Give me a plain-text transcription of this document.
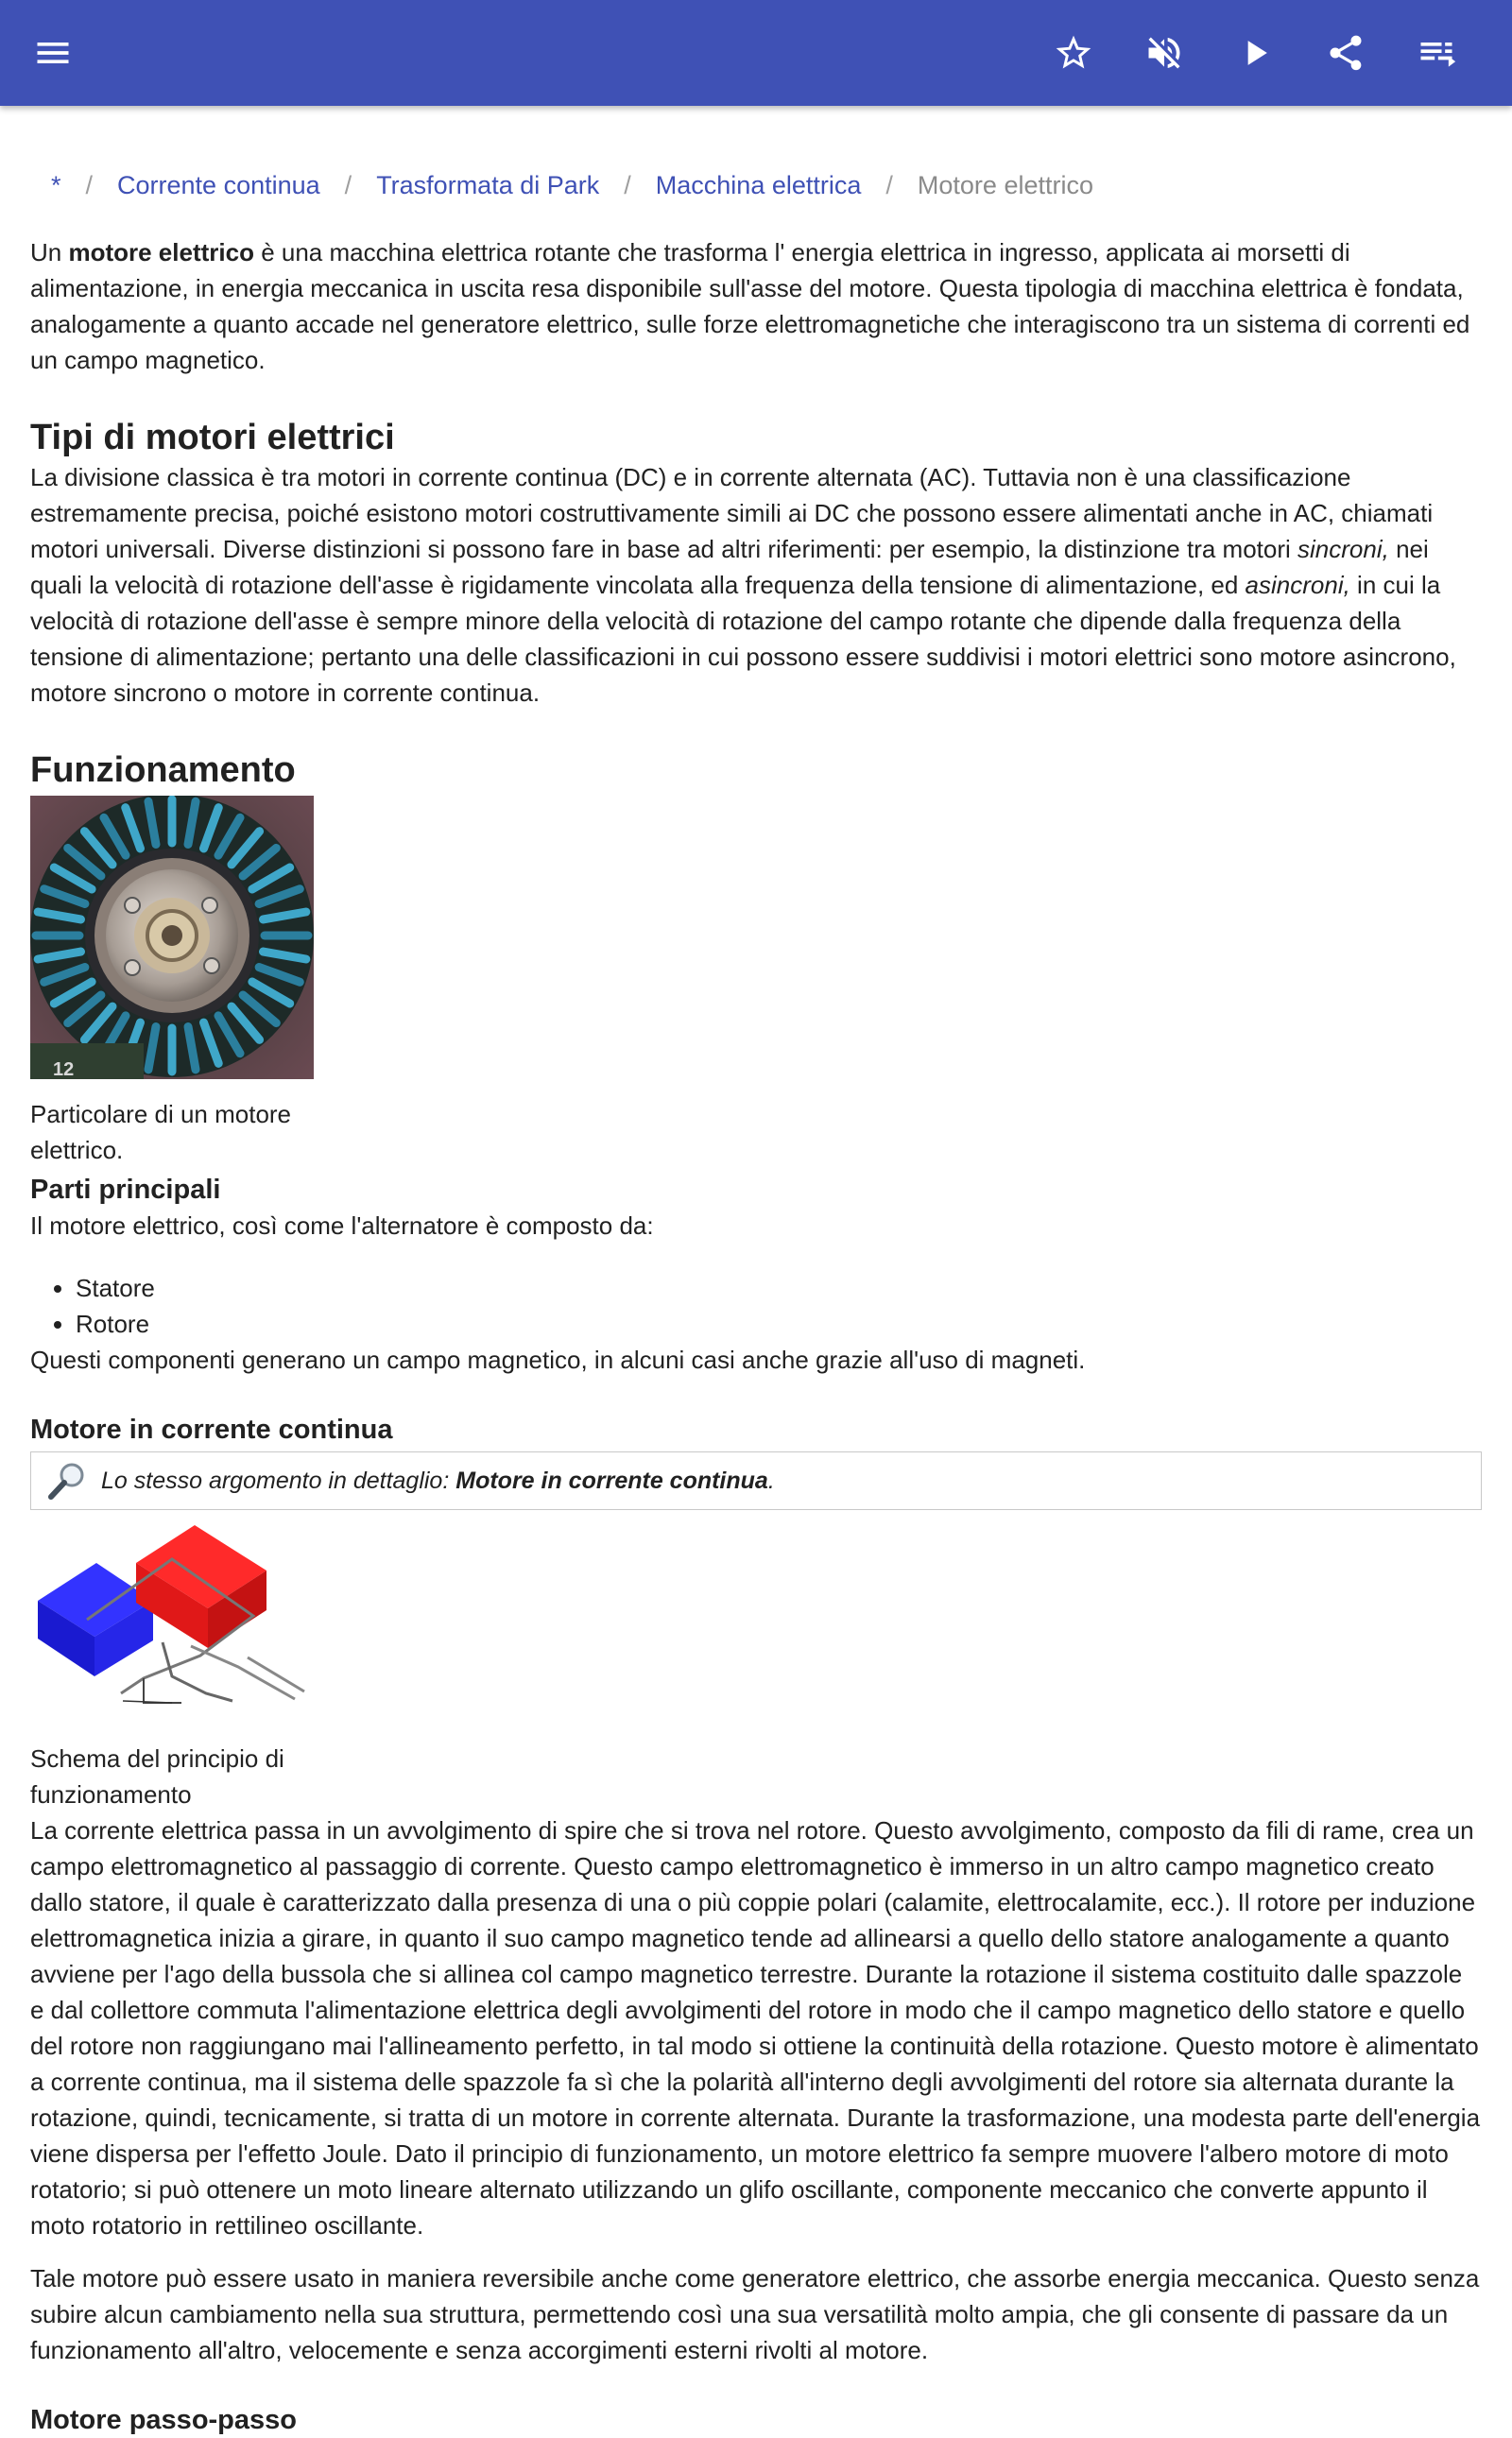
* / Corrente continua / Trasformata di Park / Macchina elettrica / Motore elettrico

Un motore elettrico è una macchina elettrica rotante che trasforma l' energia elettrica in ingresso, applicata ai morsetti di alimentazione, in energia meccanica in uscita resa disponibile sull'asse del motore. Questa tipologia di macchina elettrica è fondata, analogamente a quanto accade nel generatore elettrico, sulle forze elettromagnetiche che interagiscono tra un sistema di correnti ed un campo magnetico.

Tipi di motori elettrici

La divisione classica è tra motori in corrente continua (DC) e in corrente alternata (AC). Tuttavia non è una classificazione estremamente precisa, poiché esistono motori costruttivamente simili ai DC che possono essere alimentati anche in AC, chiamati motori universali. Diverse distinzioni si possono fare in base ad altri riferimenti: per esempio, la distinzione tra motori sincroni, nei quali la velocità di rotazione dell'asse è rigidamente vincolata alla frequenza della tensione di alimentazione, ed asincroni, in cui la velocità di rotazione dell'asse è sempre minore della velocità di rotazione del campo rotante che dipende dalla frequenza della tensione di alimentazione; pertanto una delle classificazioni in cui possono essere suddivisi i motori elettrici sono motore asincrono, motore sincrono o motore in corrente continua.

Funzionamento
12
Particolare di un motore elettrico.
Parti principali

Il motore elettrico, così come l'alternatore è composto da:

• Statore
• Rotore

Questi componenti generano un campo magnetico, in alcuni casi anche grazie all'uso di magneti.

Motore in corrente continua
Lo stesso argomento in dettaglio:
Motore in corrente continua .
Schema del principio di funzionamento

La corrente elettrica passa in un avvolgimento di spire che si trova nel rotore. Questo avvolgimento, composto da fili di rame, crea un campo elettromagnetico al passaggio di corrente. Questo campo elettromagnetico è immerso in un altro campo magnetico creato dallo statore, il quale è caratterizzato dalla presenza di una o più coppie polari (calamite, elettrocalamite, ecc.). Il rotore per induzione elettromagnetica inizia a girare, in quanto il suo campo magnetico tende ad allinearsi a quello dello statore analogamente a quanto avviene per l'ago della bussola che si allinea col campo magnetico terrestre. Durante la rotazione il sistema costituito dalle spazzole e dal collettore commuta l'alimentazione elettrica degli avvolgimenti del rotore in modo che il campo magnetico dello statore e quello del rotore non raggiungano mai l'allineamento perfetto, in tal modo si ottiene la continuità della rotazione. Questo motore è alimentato a corrente continua, ma il sistema delle spazzole fa sì che la polarità all'interno degli avvolgimenti del rotore sia alternata durante la rotazione, quindi, tecnicamente, si tratta di un motore in corrente alternata. Durante la trasformazione, una modesta parte dell'energia viene dispersa per l'effetto Joule. Dato il principio di funzionamento, un motore elettrico fa sempre muovere l'albero motore di moto rotatorio; si può ottenere un moto lineare alternato utilizzando un glifo oscillante, componente meccanico che converte appunto il moto rotatorio in rettilineo oscillante.

Tale motore può essere usato in maniera reversibile anche come generatore elettrico, che assorbe energia meccanica. Questo senza subire alcun cambiamento nella sua struttura, permettendo così una sua versatilità molto ampia, che gli consente di passare da un funzionamento all'altro, velocemente e senza accorgimenti esterni rivolti al motore.

Motore passo-passo
